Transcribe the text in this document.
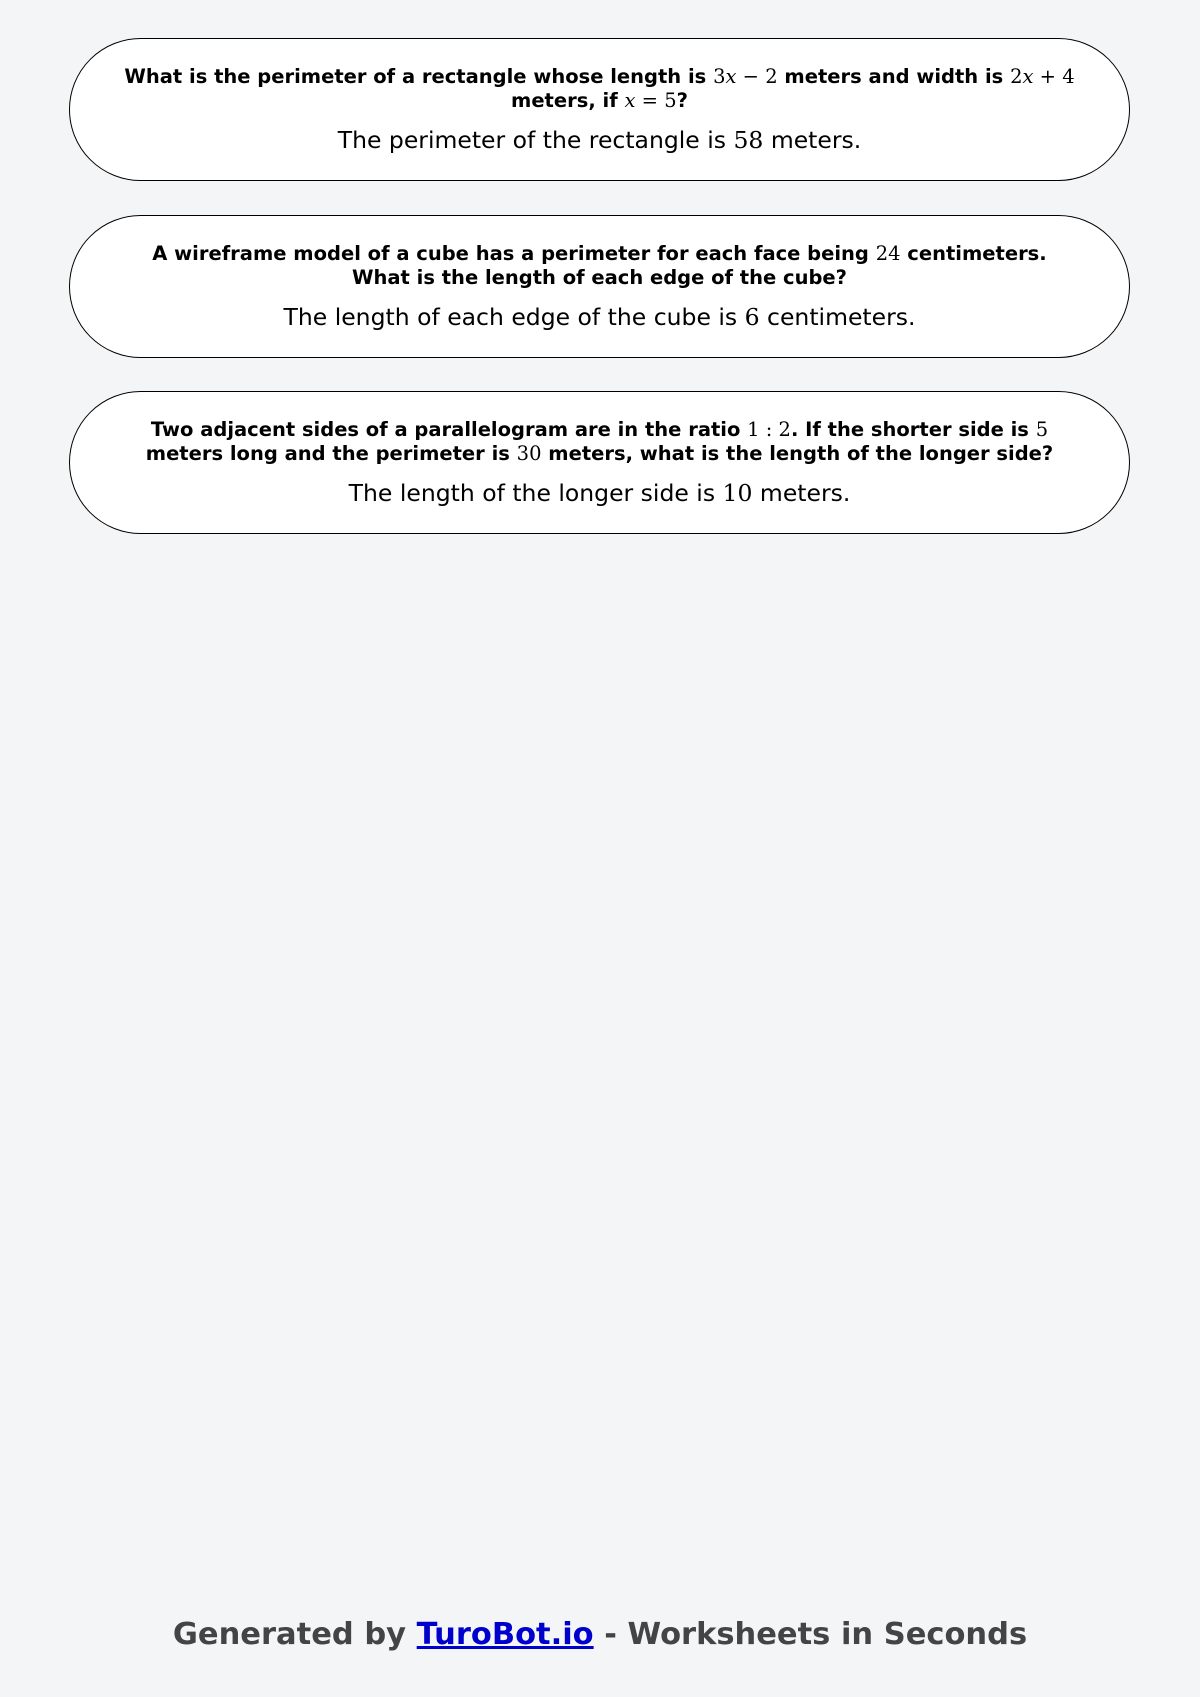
What is the perimeter of a rectangle whose length is 3x − 2 meters and width is 2x + 4
meters, if x = 5?
The perimeter of the rectangle is 58 meters.
A wireframe model of a cube has a perimeter for each face being 24 centimeters.
What is the length of each edge of the cube?
The length of each edge of the cube is 6 centimeters.
Two adjacent sides of a parallelogram are in the ratio 1 : 2. If the shorter side is 5
meters long and the perimeter is 30 meters, what is the length of the longer side?
The length of the longer side is 10 meters.
Generated by TuroBot.io - Worksheets in Seconds
